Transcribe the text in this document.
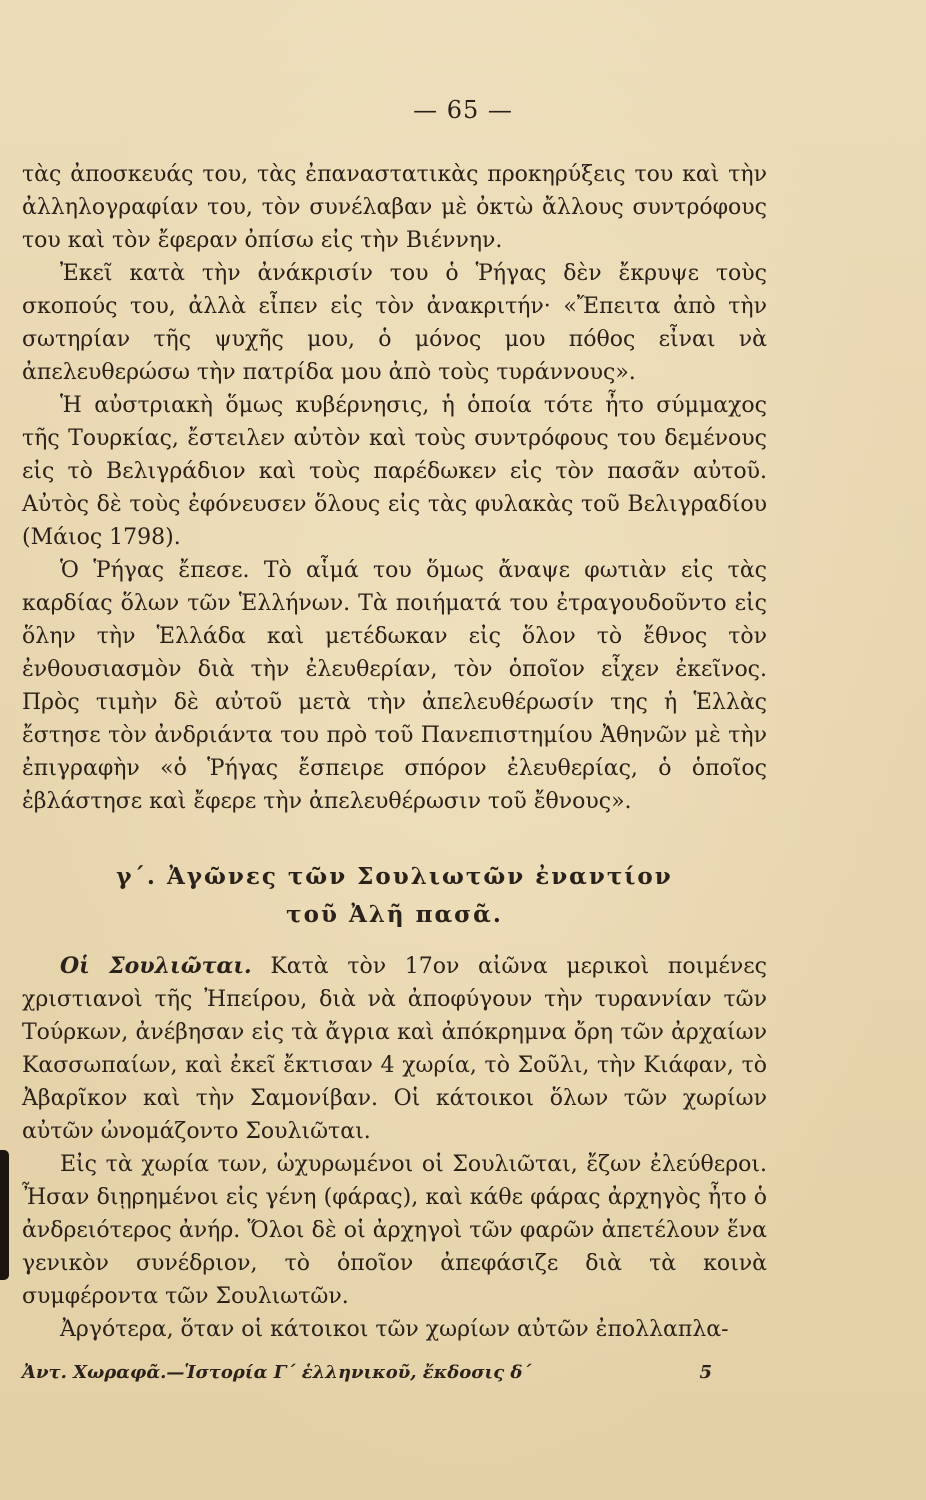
— 65 —

τὰς ἀποσκευάς του, τὰς ἐπαναστατικὰς προκηρύξεις του καὶ τὴν ἀλληλογραφίαν του, τὸν συνέλαβαν μὲ ὀκτὼ ἄλλους συντρόφους του καὶ τὸν ἔφεραν ὀπίσω εἰς τὴν Βιέννην.

Ἐκεῖ κατὰ τὴν ἀνάκρισίν του ὁ Ῥήγας δὲν ἔκρυψε τοὺς σκοπούς του, ἀλλὰ εἶπεν εἰς τὸν ἀνακριτήν· «Ἔπειτα ἀπὸ τὴν σωτηρίαν τῆς ψυχῆς μου, ὁ μόνος μου πόθος εἶναι νὰ ἀπελευθερώσω τὴν πατρίδα μου ἀπὸ τοὺς τυράννους».

Ἡ αὐστριακὴ ὅμως κυβέρνησις, ἡ ὁποία τότε ἦτο σύμμαχος τῆς Τουρκίας, ἔστειλεν αὐτὸν καὶ τοὺς συντρόφους του δεμένους εἰς τὸ Βελιγράδιον καὶ τοὺς παρέδωκεν εἰς τὸν πασᾶν αὐτοῦ. Αὐτὸς δὲ τοὺς ἐφόνευσεν ὅλους εἰς τὰς φυλακὰς τοῦ Βελιγραδίου (Μάιος 1798).

Ὁ Ῥήγας ἔπεσε. Τὸ αἷμά του ὅμως ἄναψε φωτιὰν εἰς τὰς καρδίας ὅλων τῶν Ἑλλήνων. Τὰ ποιήματά του ἐτραγουδοῦντο εἰς ὅλην τὴν Ἑλλάδα καὶ μετέδωκαν εἰς ὅλον τὸ ἔθνος τὸν ἐνθουσιασμὸν διὰ τὴν ἐλευθερίαν, τὸν ὁποῖον εἶχεν ἐκεῖνος. Πρὸς τιμὴν δὲ αὐτοῦ μετὰ τὴν ἀπελευθέρωσίν της ἡ Ἑλλὰς ἔστησε τὸν ἀνδριάντα του πρὸ τοῦ Πανεπιστημίου Ἀθηνῶν μὲ τὴν ἐπιγραφὴν «ὁ Ῥήγας ἔσπειρε σπόρον ἐλευθερίας, ὁ ὁποῖος ἐβλάστησε καὶ ἔφερε τὴν ἀπελευθέρωσιν τοῦ ἔθνους».

γ΄. Ἀγῶνες τῶν Σουλιωτῶν ἐναντίον
τοῦ Ἀλῆ πασᾶ.

Οἱ Σουλιῶται. Κατὰ τὸν 17ον αἰῶνα μερικοὶ ποιμένες χριστιανοὶ τῆς Ἠπείρου, διὰ νὰ ἀποφύγουν τὴν τυραννίαν τῶν Τούρκων, ἀνέβησαν εἰς τὰ ἄγρια καὶ ἀπόκρημνα ὄρη τῶν ἀρχαίων Κασσωπαίων, καὶ ἐκεῖ ἔκτισαν 4 χωρία, τὸ Σοῦλι, τὴν Κιάφαν, τὸ Ἀβαρῖκον καὶ τὴν Σαμονίβαν. Οἱ κάτοικοι ὅλων τῶν χωρίων αὐτῶν ὠνομάζοντο Σουλιῶται.

Εἰς τὰ χωρία των, ὠχυρωμένοι οἱ Σουλιῶται, ἔζων ἐλεύθεροι. Ἦσαν διῃρημένοι εἰς γένη (φάρας), καὶ κάθε φάρας ἀρχηγὸς ἦτο ὁ ἀνδρειότερος ἀνήρ. Ὅλοι δὲ οἱ ἀρχηγοὶ τῶν φαρῶν ἀπετέλουν ἕνα γενικὸν συνέδριον, τὸ ὁποῖον ἀπεφάσιζε διὰ τὰ κοινὰ συμφέροντα τῶν Σουλιωτῶν.

Ἀργότερα, ὅταν οἱ κάτοικοι τῶν χωρίων αὐτῶν ἐπολλαπλα-

Ἀντ. Χωραφᾶ.—Ἱστορία Γ΄ ἑλληνικοῦ, ἔκδοσις δ΄	5
